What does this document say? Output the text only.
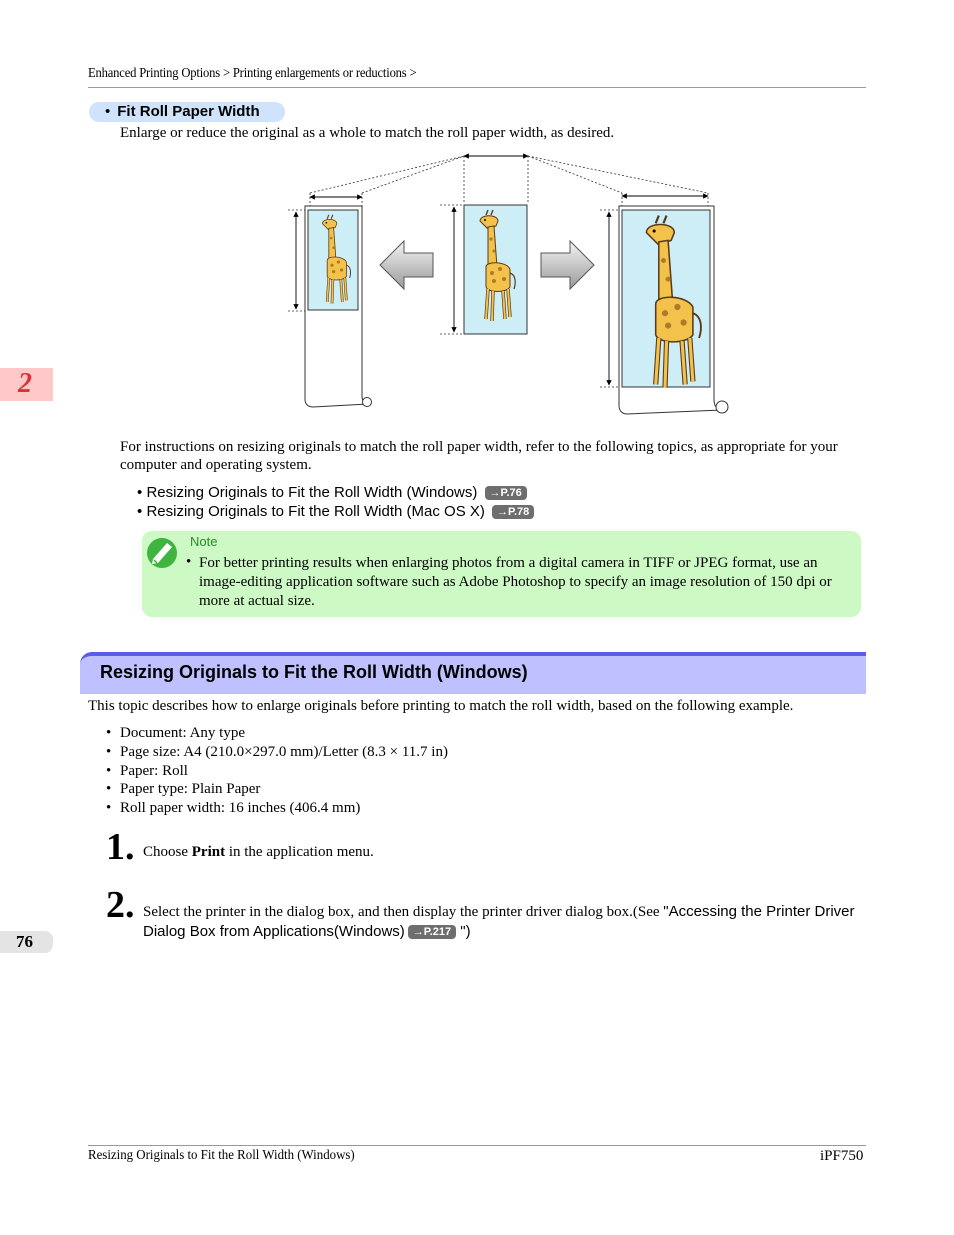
Enhanced Printing Options > Printing enlargements or reductions >
• Fit Roll Paper Width
Enlarge or reduce the original as a whole to match the roll paper width, as desired.
For instructions on resizing originals to match the roll paper width, refer to the following topics, as appropriate for your computer and operating system.
• Resizing Originals to Fit the Roll Width (Windows) →P.76
• Resizing Originals to Fit the Roll Width (Mac OS X) →P.78
Note
• For better printing results when enlarging photos from a digital camera in TIFF or JPEG format, use an image-editing application software such as Adobe Photoshop to specify an image resolution of 150 dpi or more at actual size.
Resizing Originals to Fit the Roll Width (Windows)
This topic describes how to enlarge originals before printing to match the roll width, based on the following example.
• Document: Any type
• Page size: A4 (210.0×297.0 mm)/Letter (8.3 × 11.7 in)
• Paper: Roll
• Paper type: Plain Paper
• Roll paper width: 16 inches (406.4 mm)
1. Choose Print in the application menu.
2. Select the printer in the dialog box, and then display the printer driver dialog box.(See "Accessing the Printer Driver Dialog Box from Applications(Windows) →P.217 ")
2
76
Resizing Originals to Fit the Roll Width (Windows)	iPF750
